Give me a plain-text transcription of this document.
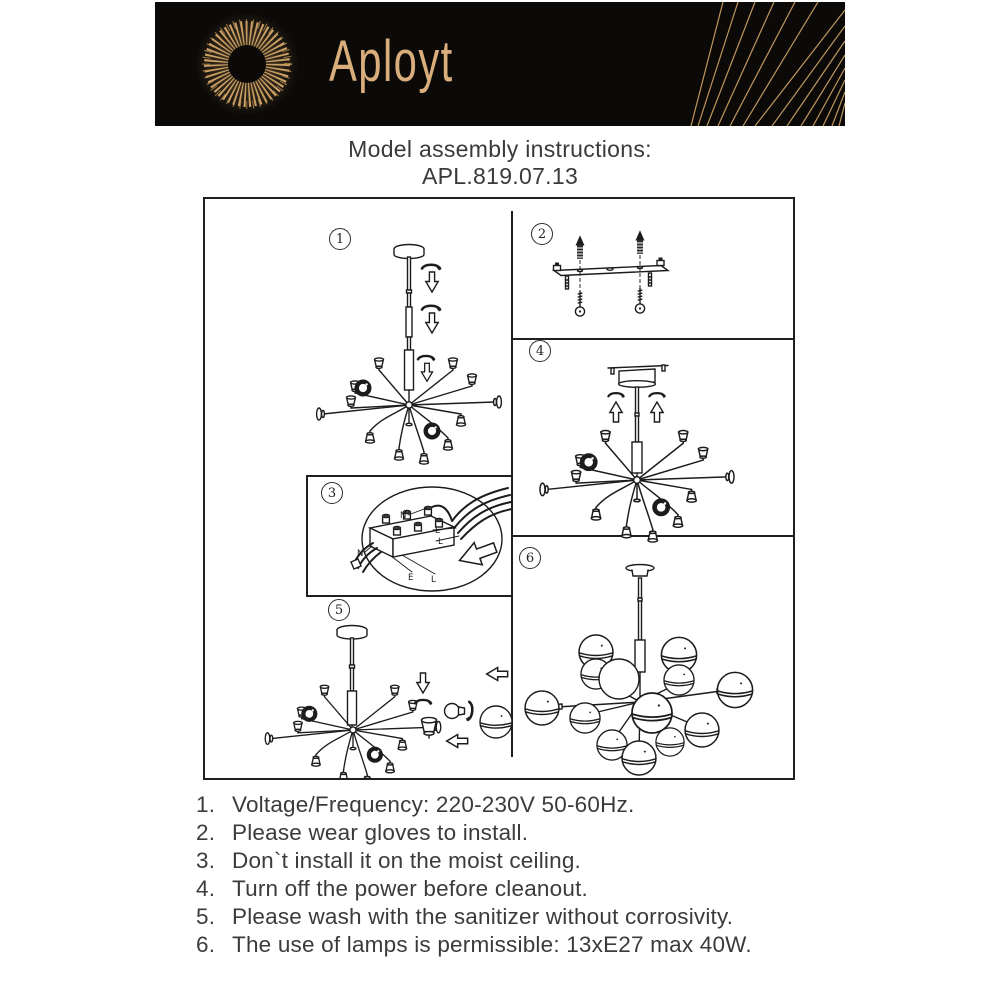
Aployt
Model assembly instructions:
APL.819.07.13
N
E
L
N
E L
1	2
3
4
5
6
1. Voltage/Frequency: 220-230V 50-60Hz.
2. Please wear gloves to install.
3. Don`t install it on the moist ceiling.
4. Turn off the power before cleanout.
5. Please wash with the sanitizer without corrosivity.
6. The use of lamps is permissible: 13xE27 max 40W.
